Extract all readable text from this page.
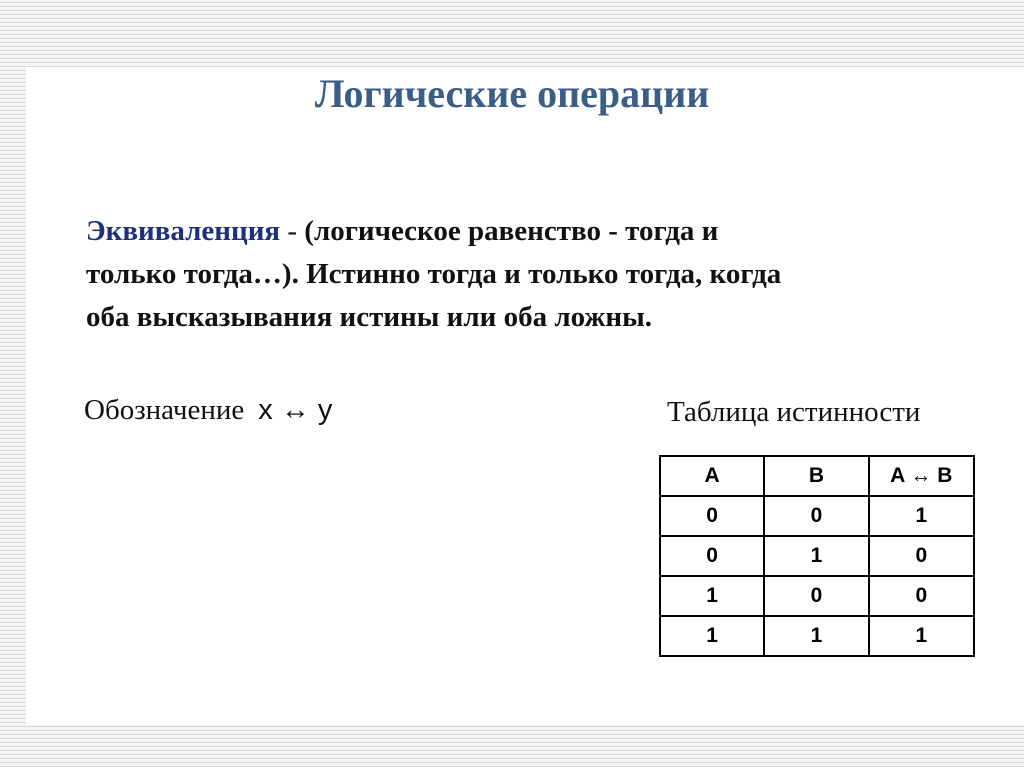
Логические операции

Эквиваленция - (логическое равенство - тогда и
только тогда…). Истинно тогда и только тогда, когда
оба высказывания истины или оба ложны.

Обозначение x ↔ y	Таблица истинности
A	B	A ↔ B
0	0	1
0	1	0
1	0	0
1	1	1
